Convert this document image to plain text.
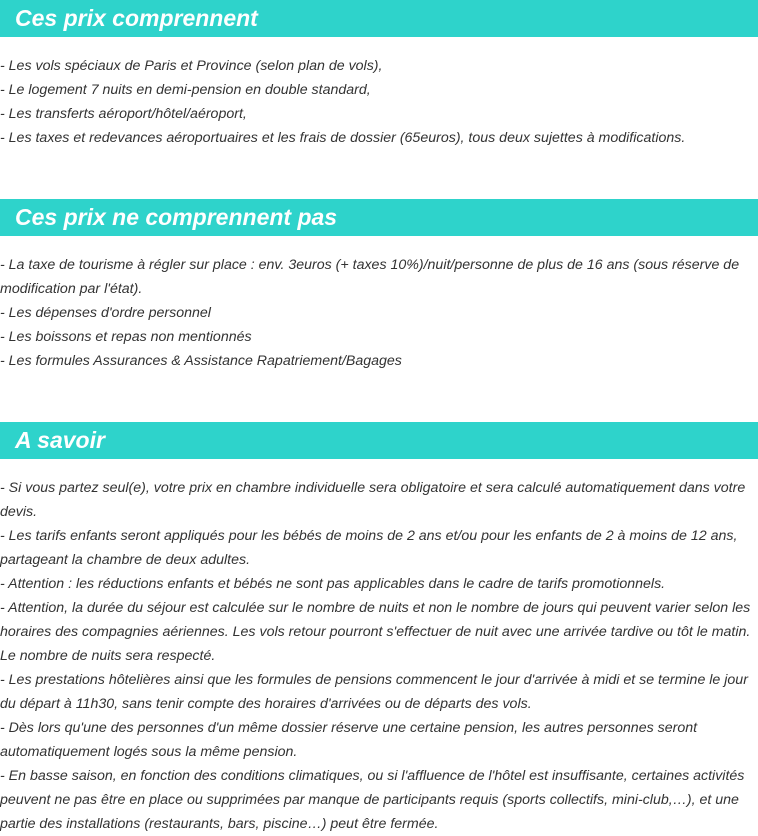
Ces prix comprennent
- Les vols spéciaux de Paris et Province (selon plan de vols),
- Le logement 7 nuits en demi-pension en double standard,
- Les transferts aéroport/hôtel/aéroport,
- Les taxes et redevances aéroportuaires et les frais de dossier (65euros), tous deux sujettes à modifications.
Ces prix ne comprennent pas
- La taxe de tourisme à régler sur place : env. 3euros (+ taxes 10%)/nuit/personne de plus de 16 ans (sous réserve de modification par l'état).
- Les dépenses d'ordre personnel
- Les boissons et repas non mentionnés
- Les formules Assurances & Assistance Rapatriement/Bagages
A savoir
- Si vous partez seul(e), votre prix en chambre individuelle sera obligatoire et sera calculé automatiquement dans votre devis.
- Les tarifs enfants seront appliqués pour les bébés de moins de 2 ans et/ou pour les enfants de 2 à moins de 12 ans, partageant la chambre de deux adultes.
- Attention : les réductions enfants et bébés ne sont pas applicables dans le cadre de tarifs promotionnels.
- Attention, la durée du séjour est calculée sur le nombre de nuits et non le nombre de jours qui peuvent varier selon les horaires des compagnies aériennes. Les vols retour pourront s'effectuer de nuit avec une arrivée tardive ou tôt le matin. Le nombre de nuits sera respecté.
- Les prestations hôtelières ainsi que les formules de pensions commencent le jour d'arrivée à midi et se termine le jour du départ à 11h30, sans tenir compte des horaires d'arrivées ou de départs des vols.
- Dès lors qu'une des personnes d'un même dossier réserve une certaine pension, les autres personnes seront automatiquement logés sous la même pension.
- En basse saison, en fonction des conditions climatiques, ou si l'affluence de l'hôtel est insuffisante, certaines activités peuvent ne pas être en place ou supprimées par manque de participants requis (sports collectifs, mini-club,…), et une partie des installations (restaurants, bars, piscine…) peut être fermée.
